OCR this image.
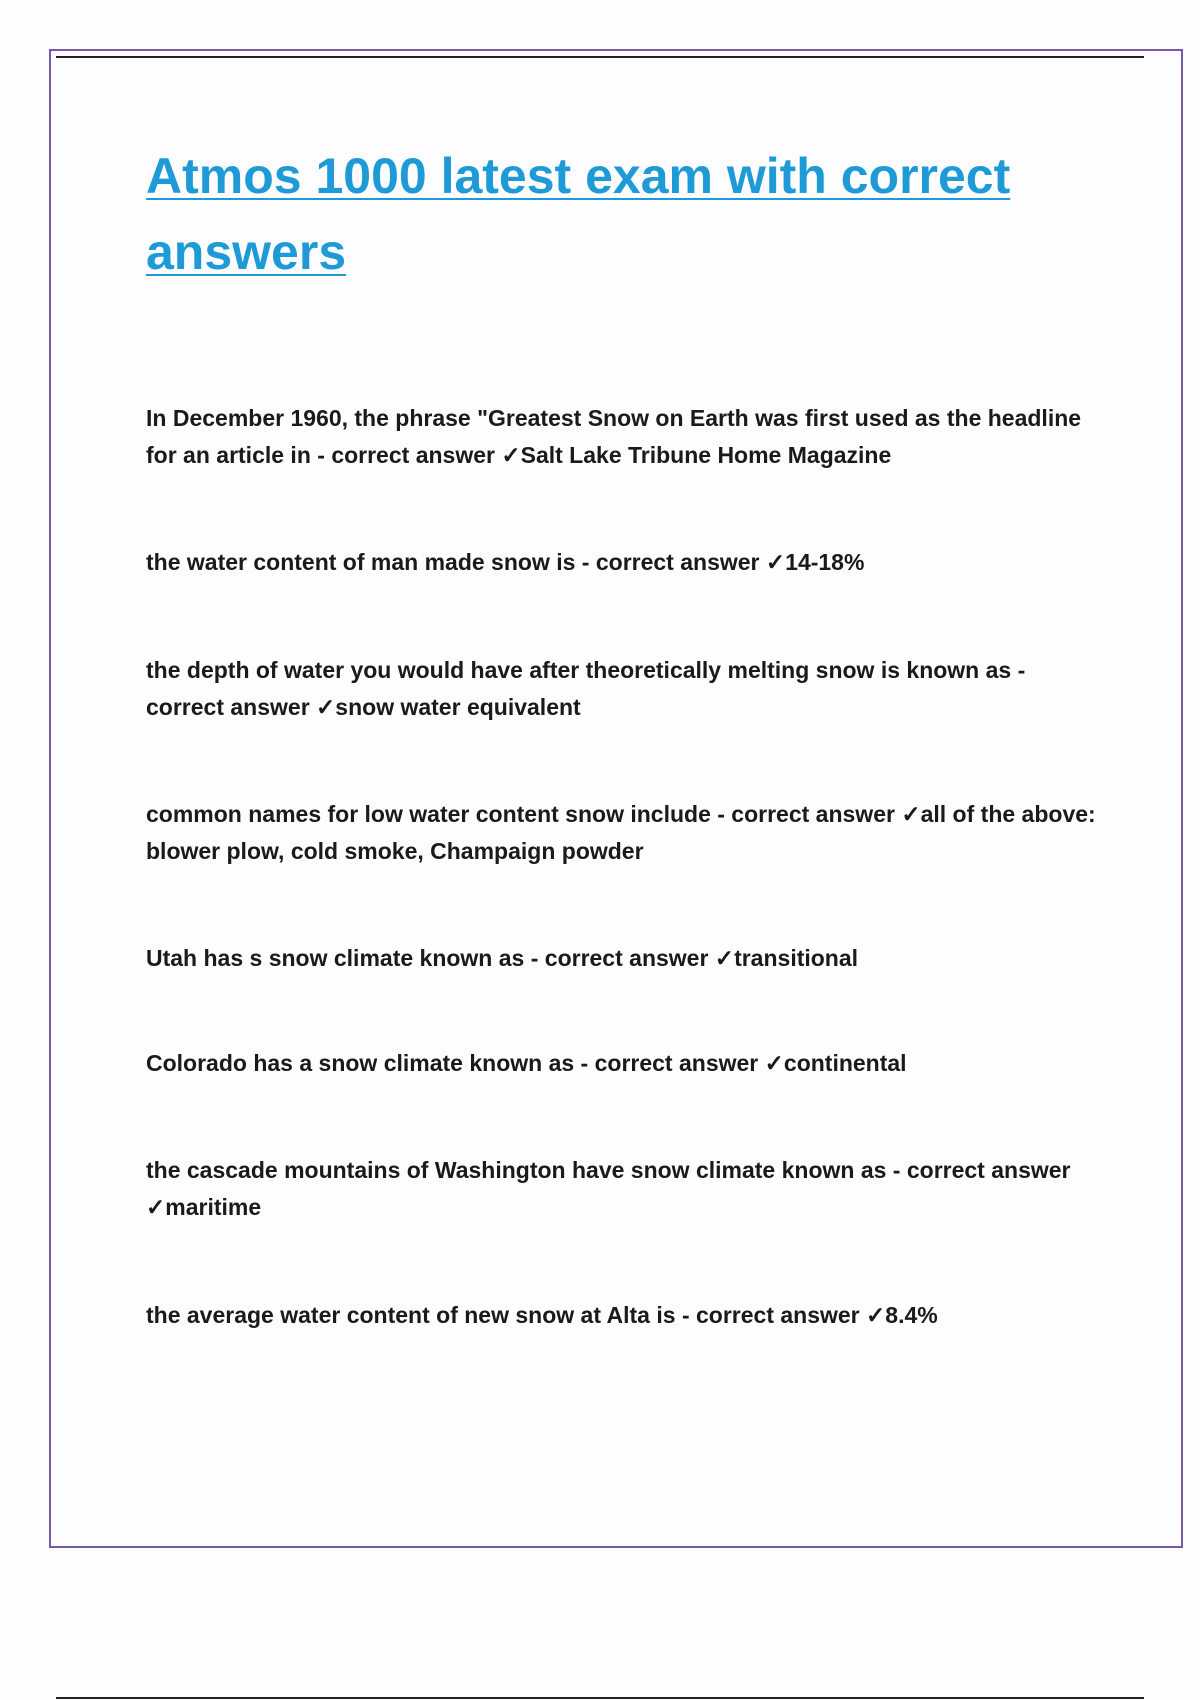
Atmos 1000 latest exam with correct answers
In December 1960, the phrase "Greatest Snow on Earth was first used as the headline for an article in - correct answer ✓Salt Lake Tribune Home Magazine
the water content of man made snow is - correct answer ✓14-18%
the depth of water you would have after theoretically melting snow is known as - correct answer ✓snow water equivalent
common names for low water content snow include - correct answer ✓all of the above: blower plow, cold smoke, Champaign powder
Utah has s snow climate known as - correct answer ✓transitional
Colorado has a snow climate known as - correct answer ✓continental
the cascade mountains of Washington have snow climate known as - correct answer ✓maritime
the average water content of new snow at Alta is - correct answer ✓8.4%
